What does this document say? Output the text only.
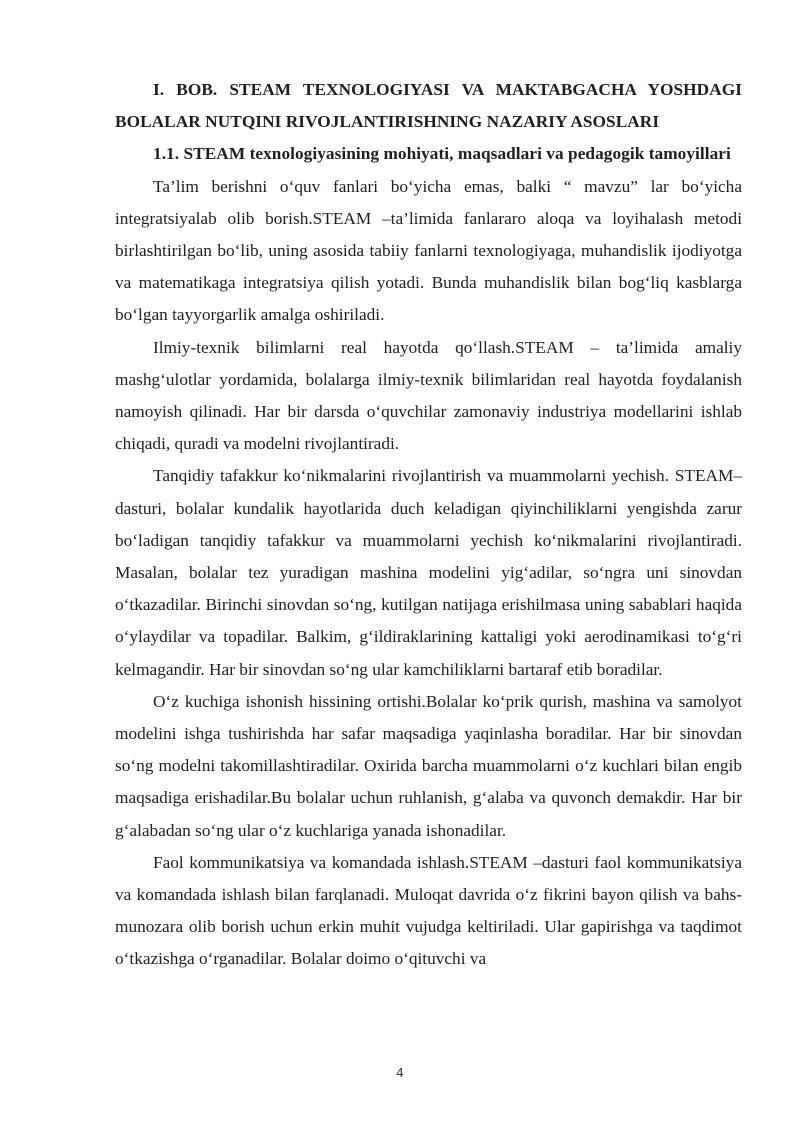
I. BOB. STEAM TEXNOLOGIYASI VA MAKTABGACHA YOSHDAGI BOLALAR NUTQINI RIVOJLANTIRISHNING NAZARIY ASOSLARI

1.1. STEAM texnologiyasining mohiyati, maqsadlari va pedagogik tamoyillari

Ta’lim berishni o‘quv fanlari bo‘yicha emas, balki “ mavzu” lar bo‘yicha integratsiyalab olib borish.STEAM –ta’limida fanlararo aloqa va loyihalash metodi birlashtirilgan bo‘lib, uning asosida tabiiy fanlarni texnologiyaga, muhandislik ijodiyotga va matematikaga integratsiya qilish yotadi. Bunda muhandislik bilan bog‘liq kasblarga bo‘lgan tayyorgarlik amalga oshiriladi.

Ilmiy-texnik bilimlarni real hayotda qo‘llash.STEAM – ta’limida amaliy mashg‘ulotlar yordamida, bolalarga ilmiy-texnik bilimlaridan real hayotda foydalanish namoyish qilinadi. Har bir darsda o‘quvchilar zamonaviy industriya modellarini ishlab chiqadi, quradi va modelni rivojlantiradi.

Tanqidiy tafakkur ko‘nikmalarini rivojlantirish va muammolarni yechish. STEAM–dasturi, bolalar kundalik hayotlarida duch keladigan qiyinchiliklarni yengishda zarur bo‘ladigan tanqidiy tafakkur va muammolarni yechish ko‘nikmalarini rivojlantiradi. Masalan, bolalar tez yuradigan mashina modelini yig‘adilar, so‘ngra uni sinovdan o‘tkazadilar. Birinchi sinovdan so‘ng, kutilgan natijaga erishilmasa uning sabablari haqida o‘ylaydilar va topadilar. Balkim, g‘ildiraklarining kattaligi yoki aerodinamikasi to‘g‘ri kelmagandir. Har bir sinovdan so‘ng ular kamchiliklarni bartaraf etib boradilar.

O‘z kuchiga ishonish hissining ortishi.Bolalar ko‘prik qurish, mashina va samolyot modelini ishga tushirishda har safar maqsadiga yaqinlasha boradilar. Har bir sinovdan so‘ng modelni takomillashtiradilar. Oxirida barcha muammolarni o‘z kuchlari bilan engib maqsadiga erishadilar.Bu bolalar uchun ruhlanish, g‘alaba va quvonch demakdir. Har bir g‘alabadan so‘ng ular o‘z kuchlariga yanada ishonadilar.

Faol kommunikatsiya va komandada ishlash.STEAM –dasturi faol kommunikatsiya va komandada ishlash bilan farqlanadi. Muloqat davrida o‘z fikrini bayon qilish va bahs- munozara olib borish uchun erkin muhit vujudga keltiriladi. Ular gapirishga va taqdimot o‘tkazishga o‘rganadilar. Bolalar doimo o‘qituvchi va

4
